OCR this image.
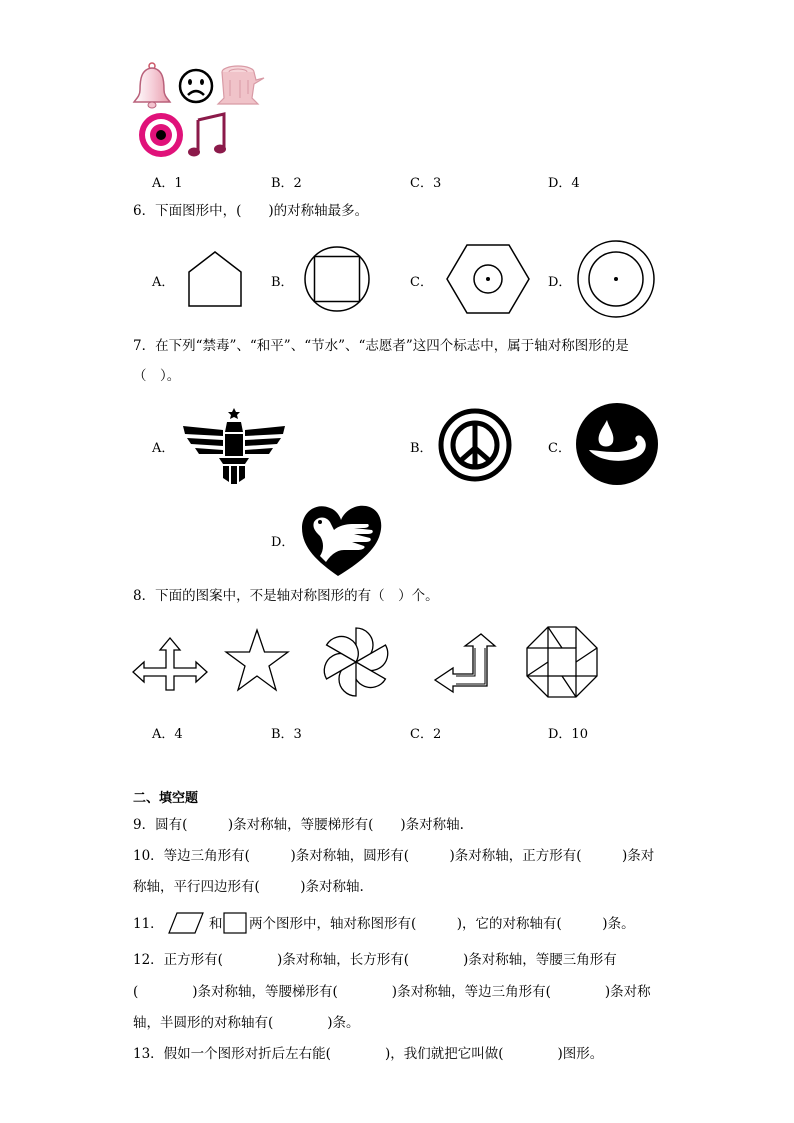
A．1	B．2	C．3	D．4
6．下面图形中，(　　)的对称轴最多。
A．	B．	C．	D．
7．在下列“禁毒”、“和平”、“节水”、“志愿者”这四个标志中，属于轴对称图形的是
（　）。
A．	B．	C．
D．
8．下面的图案中，不是轴对称图形的有（　）个。
A．4	B．3	C．2	D．10
二、填空题
9．圆有(　　　)条对称轴，等腰梯形有(　　)条对称轴.
10．等边三角形有(　　　)条对称轴，圆形有(　　　)条对称轴，正方形有(　　　)条对
称轴，平行四边形有(　　　)条对称轴.
11．	和 两个图形中，轴对称图形有(　　　)，它的对称轴有(　　　)条。
12．正方形有(　　　　)条对称轴，长方形有(　　　　)条对称轴，等腰三角形有
(　　　　)条对称轴，等腰梯形有(　　　　)条对称轴，等边三角形有(　　　　)条对称
轴，半圆形的对称轴有(　　　　)条。
13．假如一个图形对折后左右能(　　　　)，我们就把它叫做(　　　　)图形。
